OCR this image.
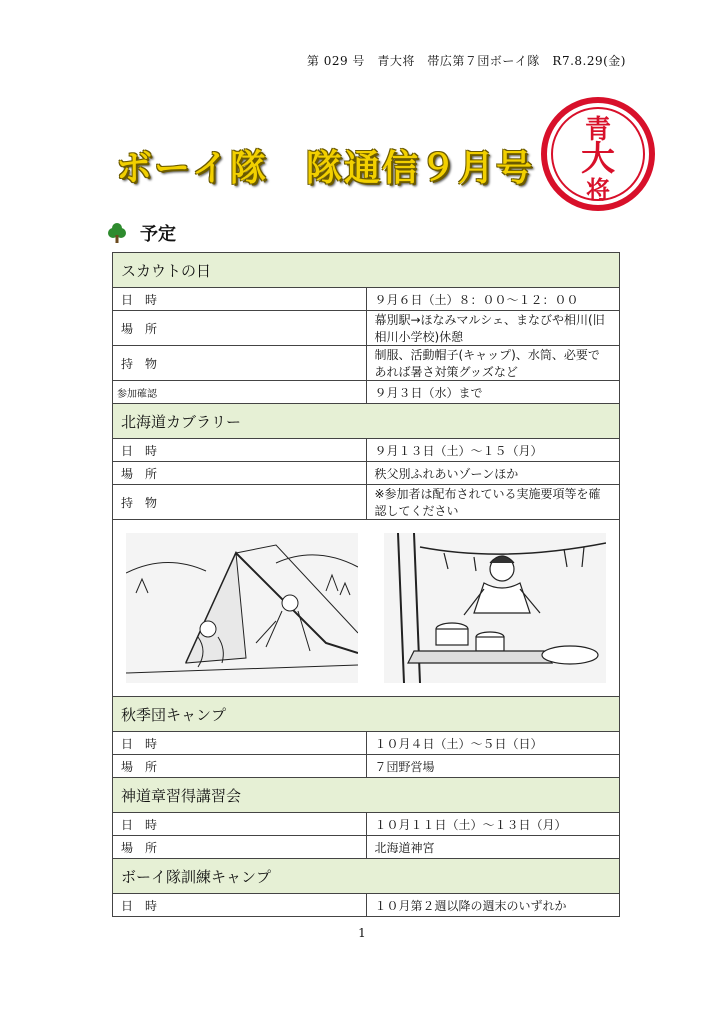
第 029 号　青大将　帯広第７団ボーイ隊　R7.8.29(金)
ボーイ隊　隊通信９月号
青
大
将
予定
スカウトの日	
日　時	９月６日（土）８：００～１２：００
場　所	幕別駅→ほなみマルシェ、まなびや相川(旧相川小学校)休憩
持　物	制服、活動帽子(キャップ)、水筒、必要であれば暑さ対策グッズなど
参加確認	９月３日（水）まで
北海道カブラリー	
日　時	９月１３日（土）～１５（月）
場　所	秩父別ふれあいゾーンほか
持　物	※参加者は配布されている実施要項等を確認してください

秋季団キャンプ	
日　時	１０月４日（土）～５日（日）
場　所	７団野営場
神道章習得講習会	
日　時	１０月１１日（土）～１３日（月）
場　所	北海道神宮
ボーイ隊訓練キャンプ	
日　時	１０月第２週以降の週末のいずれか
1
